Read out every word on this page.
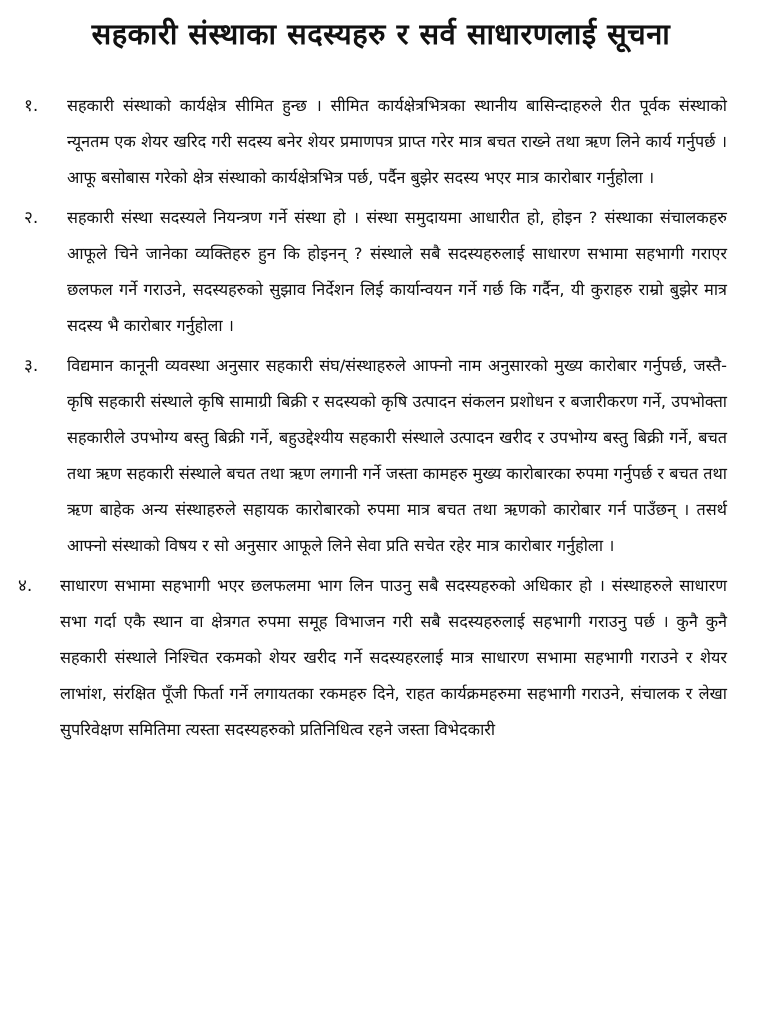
सहकारी संस्थाका सदस्यहरु र सर्व साधारणलाई सूचना
१.	सहकारी संस्थाको कार्यक्षेत्र सीमित हुन्छ । सीमित कार्यक्षेत्रभित्रका स्थानीय बासिन्दाहरुले रीत पूर्वक संस्थाको न्यूनतम एक शेयर खरिद गरी सदस्य बनेर शेयर प्रमाणपत्र प्राप्त गरेर मात्र बचत राख्ने तथा ऋण लिने कार्य गर्नुपर्छ । आफू बसोबास गरेको क्षेत्र संस्थाको कार्यक्षेत्रभित्र पर्छ, पर्दैन बुझेर सदस्य भएर मात्र कारोबार गर्नुहोला ।
२.	सहकारी संस्था सदस्यले नियन्त्रण गर्ने संस्था हो । संस्था समुदायमा आधारीत हो, होइन ? संस्थाका संचालकहरु आफूले चिने जानेका व्यक्तिहरु हुन कि होइनन् ? संस्थाले सबै सदस्यहरुलाई साधारण सभामा सहभागी गराएर छलफल गर्ने गराउने, सदस्यहरुको सुझाव निर्देशन लिई कार्यान्वयन गर्ने गर्छ कि गर्दैन, यी कुराहरु राम्रो बुझेर मात्र सदस्य भै कारोबार गर्नुहोला ।
३.	विद्यमान कानूनी व्यवस्था अनुसार सहकारी संघ/संस्थाहरुले आफ्नो नाम अनुसारको मुख्य कारोबार गर्नुपर्छ, जस्तै- कृषि सहकारी संस्थाले कृषि सामाग्री बिक्री र सदस्यको कृषि उत्पादन संकलन प्रशोधन र बजारीकरण गर्ने, उपभोक्ता सहकारीले उपभोग्य बस्तु बिक्री गर्ने, बहुउद्देश्यीय सहकारी संस्थाले उत्पादन खरीद र उपभोग्य बस्तु बिक्री गर्ने, बचत तथा ऋण सहकारी संस्थाले बचत तथा ऋण लगानी गर्ने जस्ता कामहरु मुख्य कारोबारका रुपमा गर्नुपर्छ र बचत तथा ऋण बाहेक अन्य संस्थाहरुले सहायक कारोबारको रुपमा मात्र बचत तथा ऋणको कारोबार गर्न पाउँछन् । तसर्थ आफ्नो संस्थाको विषय र सो अनुसार आफूले लिने सेवा प्रति सचेत रहेर मात्र कारोबार गर्नुहोला ।
४.	साधारण सभामा सहभागी भएर छलफलमा भाग लिन पाउनु सबै सदस्यहरुको अधिकार हो । संस्थाहरुले साधारण सभा गर्दा एकै स्थान वा क्षेत्रगत रुपमा समूह विभाजन गरी सबै सदस्यहरुलाई सहभागी गराउनु पर्छ । कुनै कुनै सहकारी संस्थाले निश्चित रकमको शेयर खरीद गर्ने सदस्यहरलाई मात्र साधारण सभामा सहभागी गराउने र शेयर लाभांश, संरक्षित पूँजी फिर्ता गर्ने लगायतका रकमहरु दिने, राहत कार्यक्रमहरुमा सहभागी गराउने, संचालक र लेखा सुपरिवेक्षण समितिमा त्यस्ता सदस्यहरुको प्रतिनिधित्व रहने जस्ता विभेदकारी
